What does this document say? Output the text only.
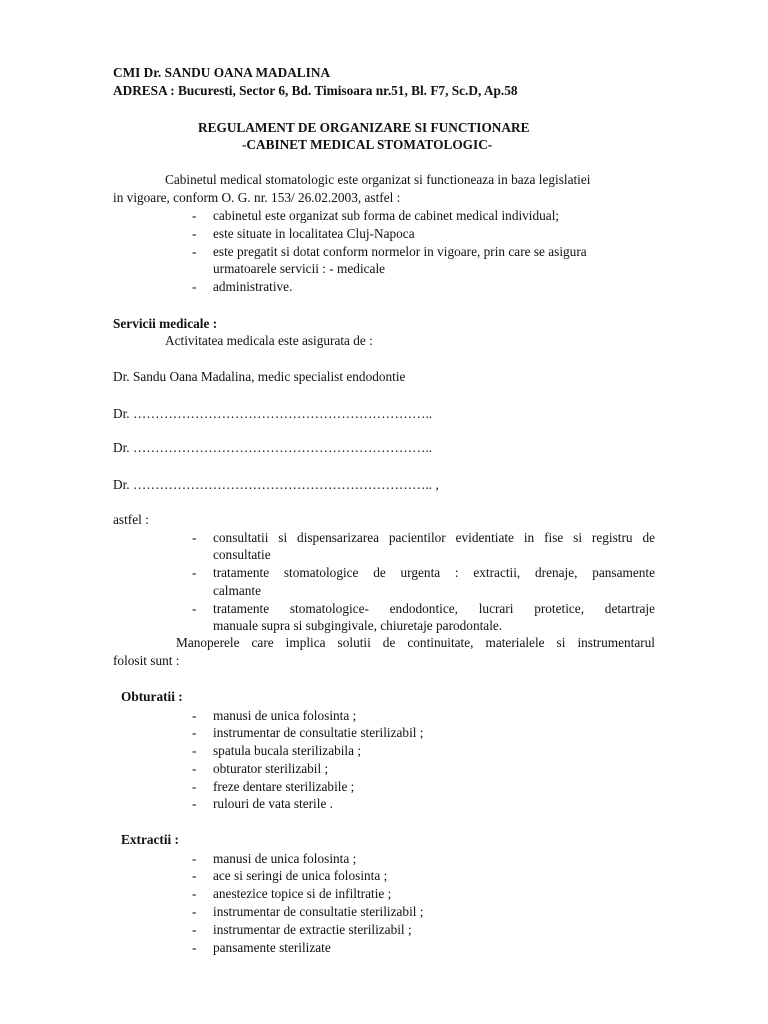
CMI Dr. SANDU OANA MADALINA
ADRESA : Bucuresti, Sector 6, Bd. Timisoara nr.51, Bl. F7, Sc.D, Ap.58
REGULAMENT DE ORGANIZARE SI FUNCTIONARE
-CABINET MEDICAL STOMATOLOGIC-
Cabinetul medical stomatologic este organizat si functioneaza in baza legislatiei
in vigoare, conform O. G. nr. 153/ 26.02.2003, astfel :
- cabinetul este organizat sub forma de cabinet medical individual;
- este situate in localitatea Cluj-Napoca
- este pregatit si dotat conform normelor in vigoare, prin care se asigura
urmatoarele servicii : - medicale
- administrative.
Servicii medicale :
Activitatea medicala este asigurata de :
Dr. Sandu Oana Madalina, medic specialist endodontie
Dr. …………………………………………………………..
Dr. …………………………………………………………..
Dr. ………………………………………………………….. ,
astfel :
- consultatii si dispensarizarea pacientilor evidentiate in fise si registru de
consultatie
- tratamente stomatologice de urgenta : extractii, drenaje, pansamente
calmante
- tratamente stomatologice- endodontice, lucrari protetice, detartraje
manuale supra si subgingivale, chiuretaje parodontale.
Manoperele care implica solutii de continuitate, materialele si instrumentarul
folosit sunt :
Obturatii :
- manusi de unica folosinta ;
- instrumentar de consultatie sterilizabil ;
- spatula bucala sterilizabila ;
- obturator sterilizabil ;
- freze dentare sterilizabile ;
- rulouri de vata sterile .
Extractii :
- manusi de unica folosinta ;
- ace si seringi de unica folosinta ;
- anestezice topice si de infiltratie ;
- instrumentar de consultatie sterilizabil ;
- instrumentar de extractie sterilizabil ;
- pansamente sterilizate
